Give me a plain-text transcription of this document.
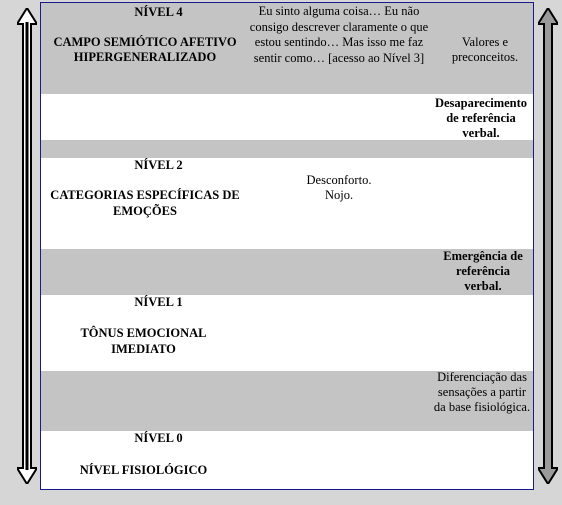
NÍVEL 4
CAMPO SEMIÓTICO AFETIVO HIPERGENERALIZADO
Eu sinto alguma coisa… Eu não consigo descrever claramente o que estou sentindo… Mas isso me faz sentir como… [acesso ao Nível 3]
Valores e preconceitos.
Desaparecimento de referência verbal.
NÍVEL 2
CATEGORIAS ESPECÍFICAS DE EMOÇÕES
Desconforto. Nojo.
Emergência de referência verbal.
NÍVEL 1
TÔNUS EMOCIONAL IMEDIATO
Diferenciação das sensações a partir da base fisiológica.
NÍVEL 0
NÍVEL FISIOLÓGICO
